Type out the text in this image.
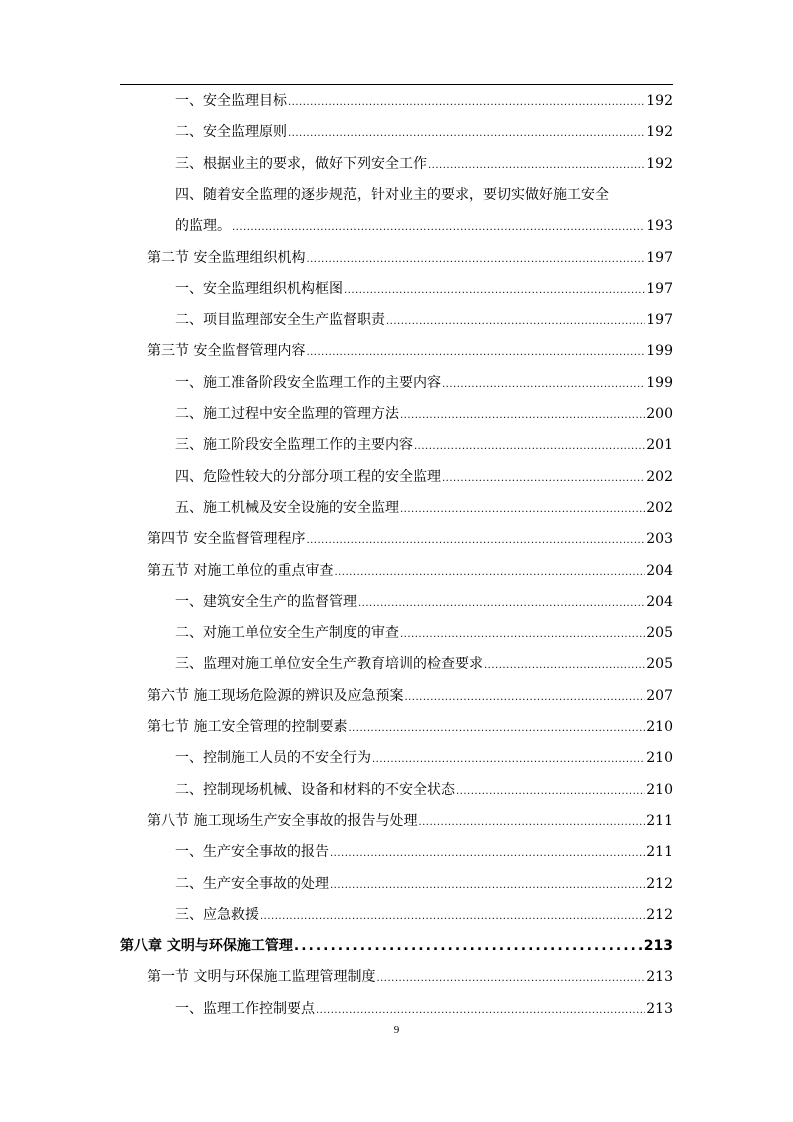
一、安全监理目标 .....	192
二、安全监理原则 .....	192
三、根据业主的要求，做好下列安全工作 .....	192
四、随着安全监理的逐步规范，针对业主的要求，要切实做好施工安全
的监理。 .....	193
第二节 安全监理组织机构 .....	197
一、安全监理组织机构框图 .....	197
二、项目监理部安全生产监督职责 .....	197
第三节 安全监督管理内容 .....	199
一、施工准备阶段安全监理工作的主要内容 .....	199
二、施工过程中安全监理的管理方法 .....	200
三、施工阶段安全监理工作的主要内容 .....	201
四、危险性较大的分部分项工程的安全监理 .....	202
五、施工机械及安全设施的安全监理 .....	202
第四节 安全监督管理程序 .....	203
第五节 对施工单位的重点审查 .....	204
一、建筑安全生产的监督管理 .....	204
二、对施工单位安全生产制度的审查 .....	205
三、监理对施工单位安全生产教育培训的检查要求 .....	205
第六节 施工现场危险源的辨识及应急预案 .....	207
第七节 施工安全管理的控制要素 .....	210
一、控制施工人员的不安全行为 .....	210
二、控制现场机械、设备和材料的不安全状态 .....	210
第八节 施工现场生产安全事故的报告与处理 .....	211
一、生产安全事故的报告 .....	211
二、生产安全事故的处理 .....	212
三、应急救援 .....	212
第八章 文明与环保施工管理 .....	213
第一节 文明与环保施工监理管理制度 .....	213
一、监理工作控制要点 .....	213
9
